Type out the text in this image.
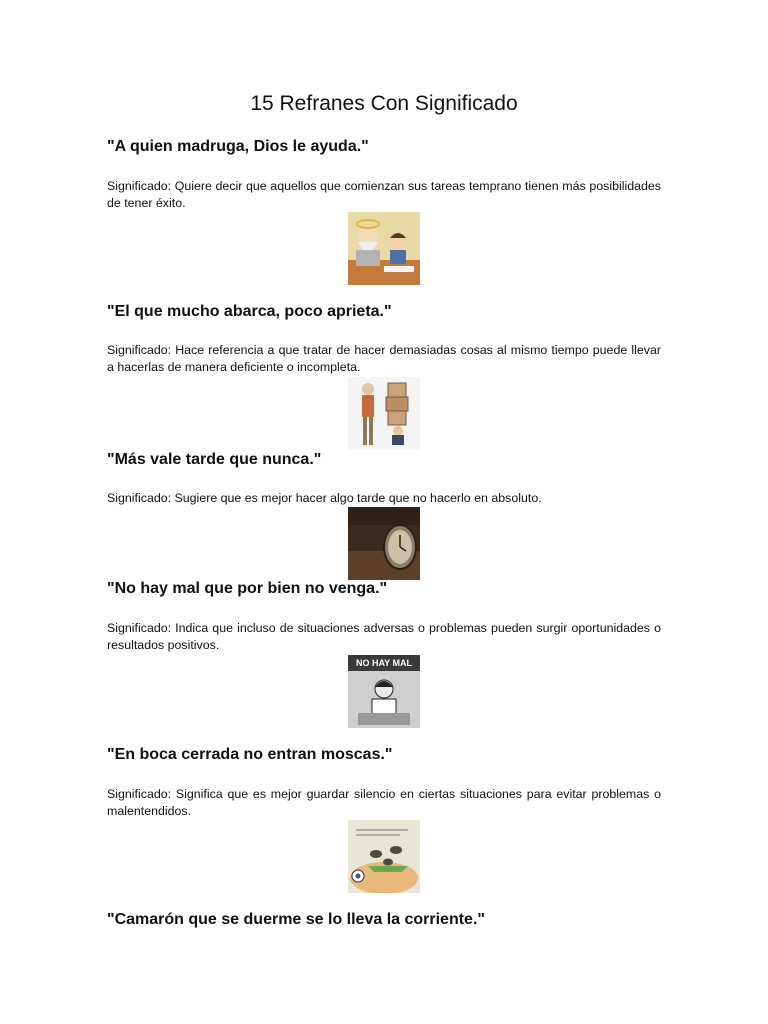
15 Refranes Con Significado

"A quien madruga, Dios le ayuda."

Significado: Quiere decir que aquellos que comienzan sus tareas temprano tienen más posibilidades de tener éxito.

"El que mucho abarca, poco aprieta."

Significado: Hace referencia a que tratar de hacer demasiadas cosas al mismo tiempo puede llevar a hacerlas de manera deficiente o incompleta.

"Más vale tarde que nunca."

Significado: Sugiere que es mejor hacer algo tarde que no hacerlo en absoluto.

"No hay mal que por bien no venga."

Significado: Indica que incluso de situaciones adversas o problemas pueden surgir oportunidades o resultados positivos.

NO HAY MAL

"En boca cerrada no entran moscas."

Significado: Significa que es mejor guardar silencio en ciertas situaciones para evitar problemas o malentendidos.

"Camarón que se duerme se lo lleva la corriente."
